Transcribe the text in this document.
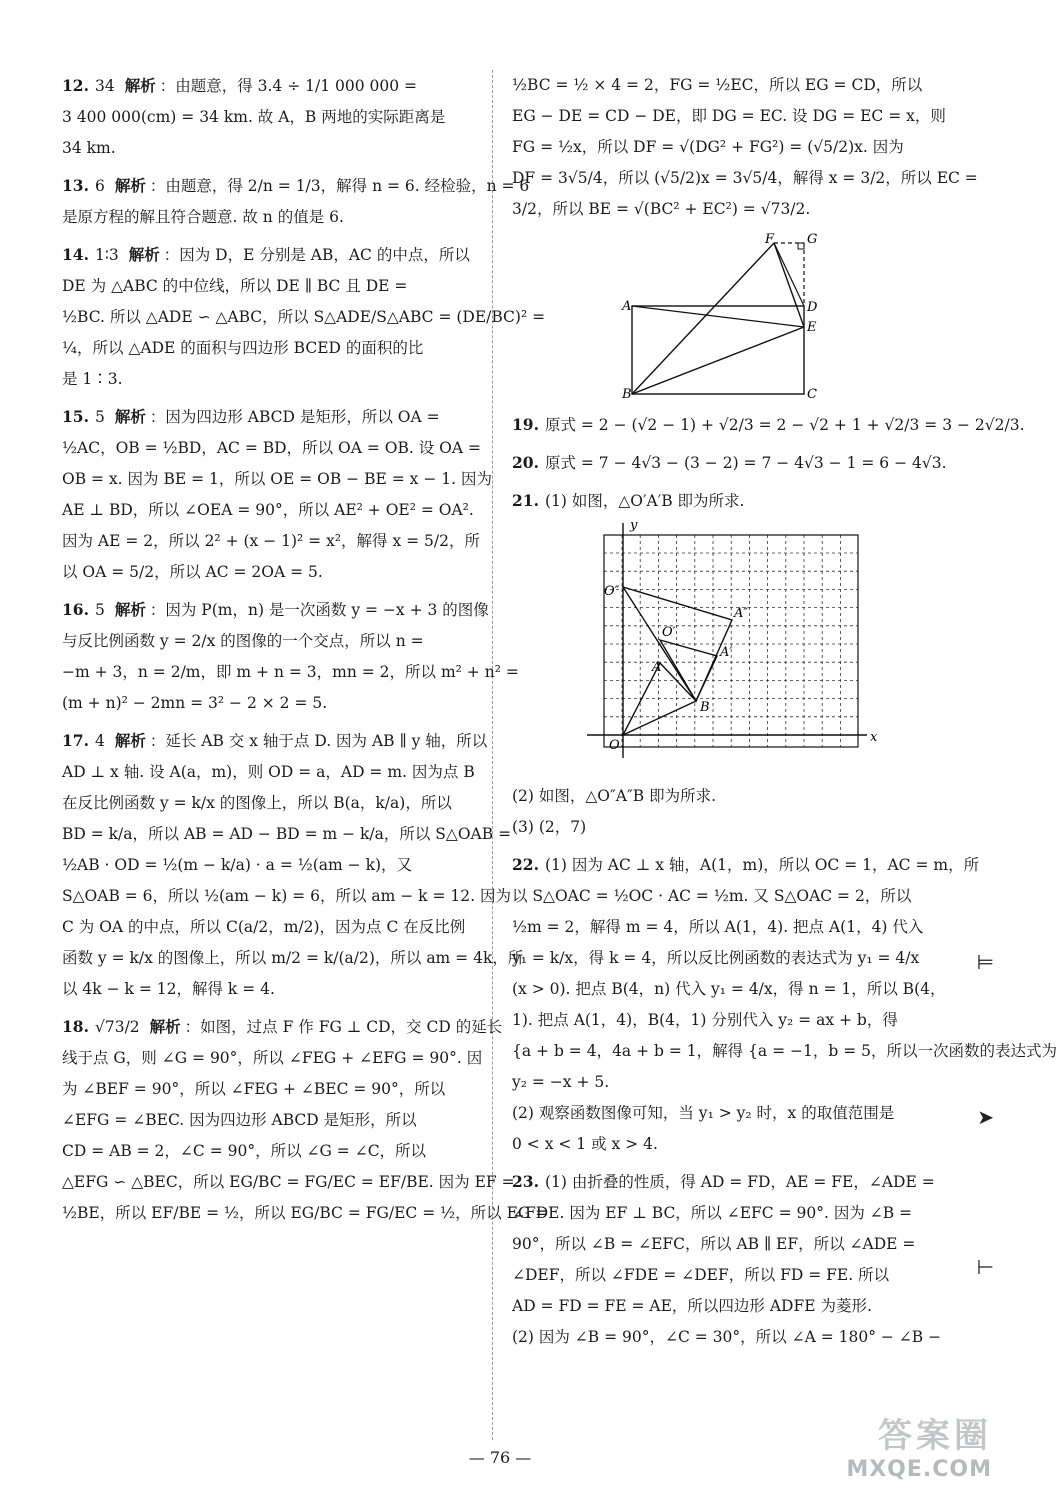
12. 34 解析 ：由题意，得 3.4 ÷ 1/1 000 000 =
3 400 000(cm) = 34 km. 故 A，B 两地的实际距离是
34 km.
13. 6 解析 ：由题意，得 2/n = 1/3，解得 n = 6. 经检验，n = 6
是原方程的解且符合题意. 故 n 的值是 6.
14. 1∶3 解析 ：因为 D，E 分别是 AB，AC 的中点，所以
DE 为 △ABC 的中位线，所以 DE ∥ BC 且 DE =
½BC. 所以 △ADE ∽ △ABC，所以 S△ADE/S△ABC = (DE/BC)² =
¼，所以 △ADE 的面积与四边形 BCED 的面积的比
是 1∶3.
15. 5 解析 ：因为四边形 ABCD 是矩形，所以 OA =
½AC，OB = ½BD，AC = BD，所以 OA = OB. 设 OA =
OB = x. 因为 BE = 1，所以 OE = OB − BE = x − 1. 因为
AE ⊥ BD，所以 ∠OEA = 90°，所以 AE² + OE² = OA².
因为 AE = 2，所以 2² + (x − 1)² = x²，解得 x = 5/2，所
以 OA = 5/2，所以 AC = 2OA = 5.
16. 5 解析 ：因为 P(m，n) 是一次函数 y = −x + 3 的图像
与反比例函数 y = 2/x 的图像的一个交点，所以 n =
−m + 3，n = 2/m，即 m + n = 3，mn = 2，所以 m² + n² =
(m + n)² − 2mn = 3² − 2 × 2 = 5.
17. 4 解析 ：延长 AB 交 x 轴于点 D. 因为 AB ∥ y 轴，所以
AD ⊥ x 轴. 设 A(a，m)，则 OD = a，AD = m. 因为点 B
在反比例函数 y = k/x 的图像上，所以 B(a，k/a)，所以
BD = k/a，所以 AB = AD − BD = m − k/a，所以 S△OAB =
½AB · OD = ½(m − k/a) · a = ½(am − k)，又
S△OAB = 6，所以 ½(am − k) = 6，所以 am − k = 12. 因为
C 为 OA 的中点，所以 C(a/2，m/2)，因为点 C 在反比例
函数 y = k/x 的图像上，所以 m/2 = k/(a/2)，所以 am = 4k，所
以 4k − k = 12，解得 k = 4.
18. √73/2 解析 ：如图，过点 F 作 FG ⊥ CD，交 CD 的延长
线于点 G，则 ∠G = 90°，所以 ∠FEG + ∠EFG = 90°. 因
为 ∠BEF = 90°，所以 ∠FEG + ∠BEC = 90°，所以
∠EFG = ∠BEC. 因为四边形 ABCD 是矩形，所以
CD = AB = 2，∠C = 90°，所以 ∠G = ∠C，所以
△EFG ∽ △BEC，所以 EG/BC = FG/EC = EF/BE. 因为 EF =
½BE，所以 EF/BE = ½，所以 EG/BC = FG/EC = ½，所以 EG =
½BC = ½ × 4 = 2，FG = ½EC，所以 EG = CD，所以
EG − DE = CD − DE，即 DG = EC. 设 DG = EC = x，则
FG = ½x，所以 DF = √(DG² + FG²) = (√5/2)x. 因为
DF = 3√5/4，所以 (√5/2)x = 3√5/4，解得 x = 3/2，所以 EC =
3/2，所以 BE = √(BC² + EC²) = √73/2.
F	G
A	D
E
B	C
19. 原式 = 2 − (√2 − 1) + √2/3 = 2 − √2 + 1 + √2/3 = 3 − 2√2/3.
20. 原式 = 7 − 4√3 − (3 − 2) = 7 − 4√3 − 1 = 6 − 4√3.
21. (1) 如图，△O′A′B 即为所求.
y
x
O
O″
O′
A
A″
A′
B
(2) 如图，△O″A″B 即为所求.
(3) (2，7)
22. (1) 因为 AC ⊥ x 轴，A(1，m)，所以 OC = 1，AC = m，所
以 S△OAC = ½OC · AC = ½m. 又 S△OAC = 2，所以
½m = 2，解得 m = 4，所以 A(1，4). 把点 A(1，4) 代入
y₁ = k/x，得 k = 4，所以反比例函数的表达式为 y₁ = 4/x
(x > 0). 把点 B(4，n) 代入 y₁ = 4/x，得 n = 1，所以 B(4，
1). 把点 A(1，4)，B(4，1) 分别代入 y₂ = ax + b，得
{a + b = 4，4a + b = 1，解得 {a = −1，b = 5，所以一次函数的表达式为
y₂ = −x + 5.
(2) 观察函数图像可知，当 y₁ > y₂ 时，x 的取值范围是
0 < x < 1 或 x > 4.
23. (1) 由折叠的性质，得 AD = FD，AE = FE，∠ADE =
∠FDE. 因为 EF ⊥ BC，所以 ∠EFC = 90°. 因为 ∠B =
90°，所以 ∠B = ∠EFC，所以 AB ∥ EF，所以 ∠ADE =
∠DEF，所以 ∠FDE = ∠DEF，所以 FD = FE. 所以
AD = FD = FE = AE，所以四边形 ADFE 为菱形.
(2) 因为 ∠B = 90°，∠C = 30°，所以 ∠A = 180° − ∠B −
⊨
➤
⊢
— 76 —
答案圈
MXQE.COM
